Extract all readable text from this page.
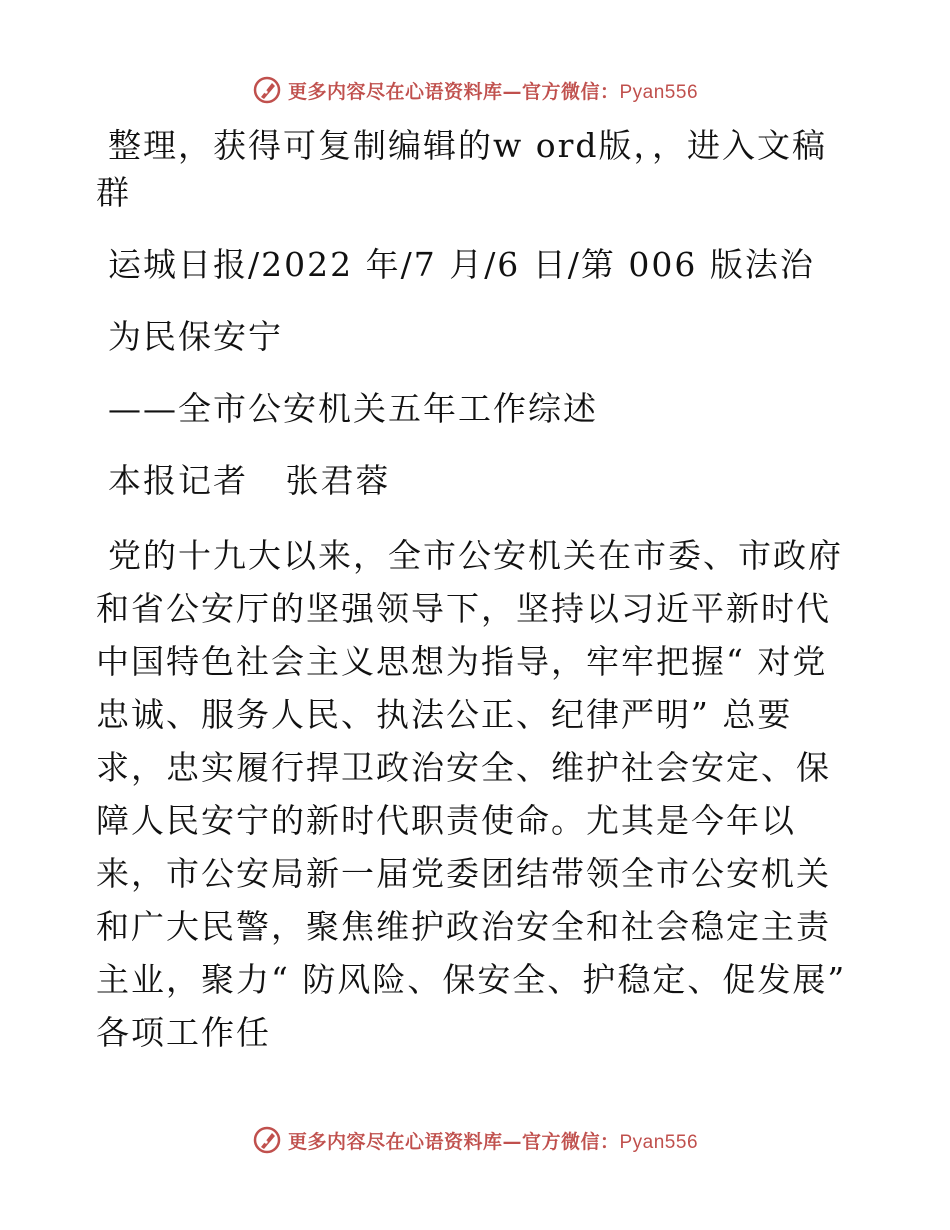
更多内容尽在心语资料库—官方微信：Pyan556

整理，获得可复制编辑的w ord版，，进入文稿群

运城日报/2022 年/7 月/6 日/第 006 版法治

为民保安宁

——全市公安机关五年工作综述

本报记者   张君蓉

党的十九大以来，全市公安机关在市委、市政府和省公安厅的坚强领导下，坚持以习近平新时代中国特色社会主义思想为指导，牢牢把握“ 对党忠诚、服务人民、执法公正、纪律严明” 总要求，忠实履行捍卫政治安全、维护社会安定、保障人民安宁的新时代职责使命。尤其是今年以来，市公安局新一届党委团结带领全市公安机关和广大民警，聚焦维护政治安全和社会稳定主责主业，聚力“ 防风险、保安全、护稳定、促发展” 各项工作任

更多内容尽在心语资料库—官方微信：Pyan556
